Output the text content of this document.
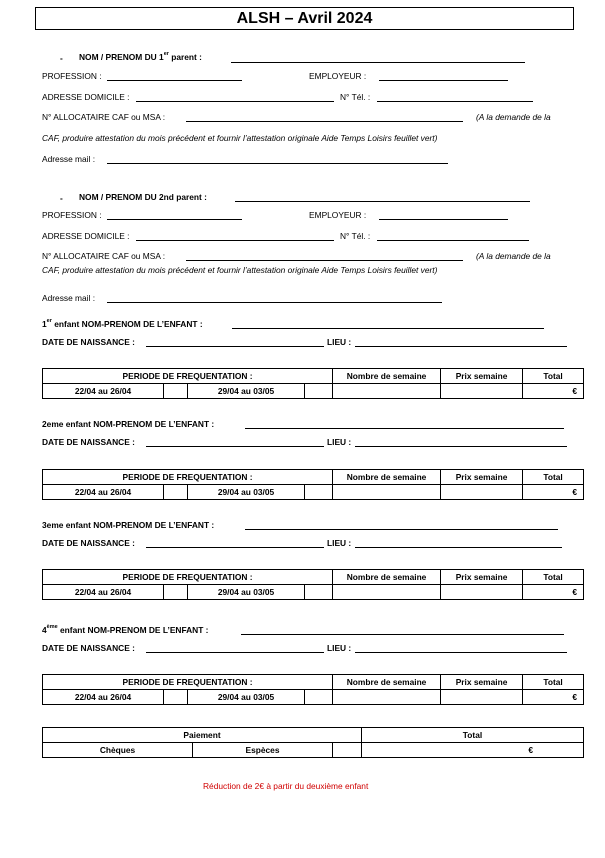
ALSH – Avril 2024
- NOM / PRENOM DU 1er parent :
PROFESSION :	EMPLOYEUR :
ADRESSE DOMICILE :	N° Tél. :
N° ALLOCATAIRE CAF ou MSA :	(A la demande de la
CAF, produire attestation du mois précédent et fournir l’attestation originale Aide Temps Loisirs feuillet vert)
Adresse mail :
- NOM / PRENOM DU 2nd parent :
PROFESSION :	EMPLOYEUR :
ADRESSE DOMICILE :	N° Tél. :
N° ALLOCATAIRE CAF ou MSA :	(A la demande de la
CAF, produire attestation du mois précédent et fournir l’attestation originale Aide Temps Loisirs feuillet vert)
Adresse mail :
1er enfant NOM-PRENOM DE L’ENFANT :
DATE DE NAISSANCE :	LIEU :
PERIODE DE FREQUENTATION :				Nombre de semaine	Prix semaine	Total
22/04 au 26/04		29/04 au 03/05				€
PERIODE DE FREQUENTATION :				Nombre de semaine	Prix semaine	Total
22/04 au 26/04		29/04 au 03/05				€
PERIODE DE FREQUENTATION :				Nombre de semaine	Prix semaine	Total
22/04 au 26/04		29/04 au 03/05				€
PERIODE DE FREQUENTATION :				Nombre de semaine	Prix semaine	Total
22/04 au 26/04		29/04 au 03/05				€
2eme enfant NOM-PRENOM DE L’ENFANT :
DATE DE NAISSANCE :	LIEU :
3eme enfant NOM-PRENOM DE L’ENFANT :
DATE DE NAISSANCE :	LIEU :
4ème enfant NOM-PRENOM DE L’ENFANT :
DATE DE NAISSANCE :	LIEU :
Paiement			Total
Chèques	Espèces		€
Réduction de 2€ à partir du deuxième enfant
